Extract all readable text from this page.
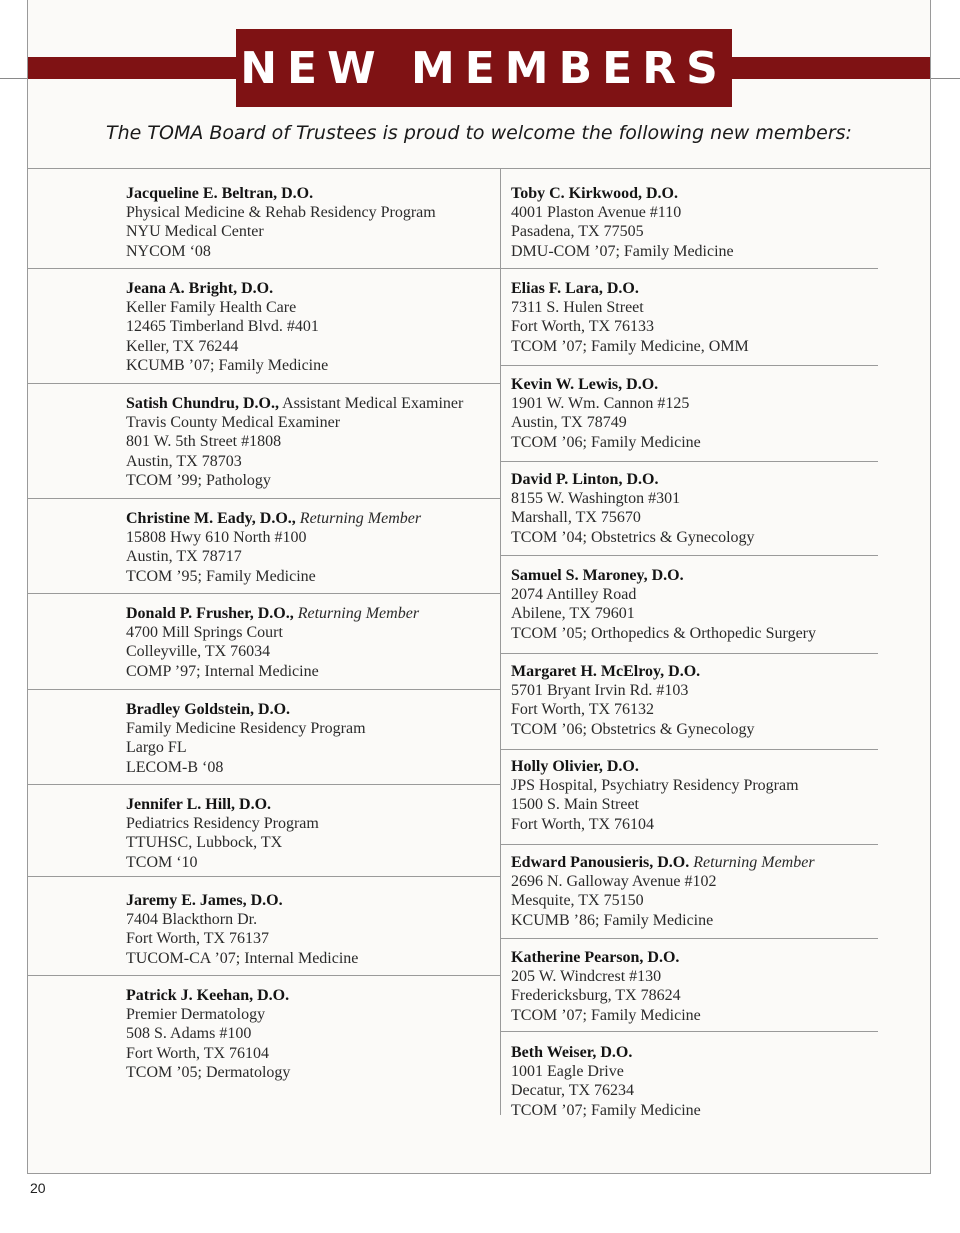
NEW MEMBERS
The TOMA Board of Trustees is proud to welcome the following new members:
Jacqueline E. Beltran, D.O.
Physical Medicine & Rehab Residency Program
NYU Medical Center
NYCOM ‘08
Jeana A. Bright, D.O.
Keller Family Health Care
12465 Timberland Blvd. #401
Keller, TX 76244
KCUMB ’07; Family Medicine
Satish Chundru, D.O., Assistant Medical Examiner
Travis County Medical Examiner
801 W. 5th Street #1808
Austin, TX 78703
TCOM ’99; Pathology
Christine M. Eady, D.O., Returning Member
15808 Hwy 610 North #100
Austin, TX 78717
TCOM ’95; Family Medicine
Donald P. Frusher, D.O., Returning Member
4700 Mill Springs Court
Colleyville, TX 76034
COMP ’97; Internal Medicine
Bradley Goldstein, D.O.
Family Medicine Residency Program
Largo FL
LECOM-B ‘08
Jennifer L. Hill, D.O.
Pediatrics Residency Program
TTUHSC, Lubbock, TX
TCOM ‘10
Jaremy E. James, D.O.
7404 Blackthorn Dr.
Fort Worth, TX 76137
TUCOM-CA ’07; Internal Medicine
Patrick J. Keehan, D.O.
Premier Dermatology
508 S. Adams #100
Fort Worth, TX 76104
TCOM ’05; Dermatology
Toby C. Kirkwood, D.O.
4001 Plaston Avenue #110
Pasadena, TX 77505
DMU-COM ’07; Family Medicine
Elias F. Lara, D.O.
7311 S. Hulen Street
Fort Worth, TX 76133
TCOM ’07; Family Medicine, OMM
Kevin W. Lewis, D.O.
1901 W. Wm. Cannon #125
Austin, TX 78749
TCOM ’06; Family Medicine
David P. Linton, D.O.
8155 W. Washington #301
Marshall, TX 75670
TCOM ’04; Obstetrics & Gynecology
Samuel S. Maroney, D.O.
2074 Antilley Road
Abilene, TX 79601
TCOM ’05; Orthopedics & Orthopedic Surgery
Margaret H. McElroy, D.O.
5701 Bryant Irvin Rd. #103
Fort Worth, TX 76132
TCOM ’06; Obstetrics & Gynecology
Holly Olivier, D.O.
JPS Hospital, Psychiatry Residency Program
1500 S. Main Street
Fort Worth, TX 76104
Edward Panousieris, D.O. Returning Member
2696 N. Galloway Avenue #102
Mesquite, TX 75150
KCUMB ’86; Family Medicine
Katherine Pearson, D.O.
205 W. Windcrest #130
Fredericksburg, TX 78624
TCOM ’07; Family Medicine
Beth Weiser, D.O.
1001 Eagle Drive
Decatur, TX 76234
TCOM ’07; Family Medicine
20
